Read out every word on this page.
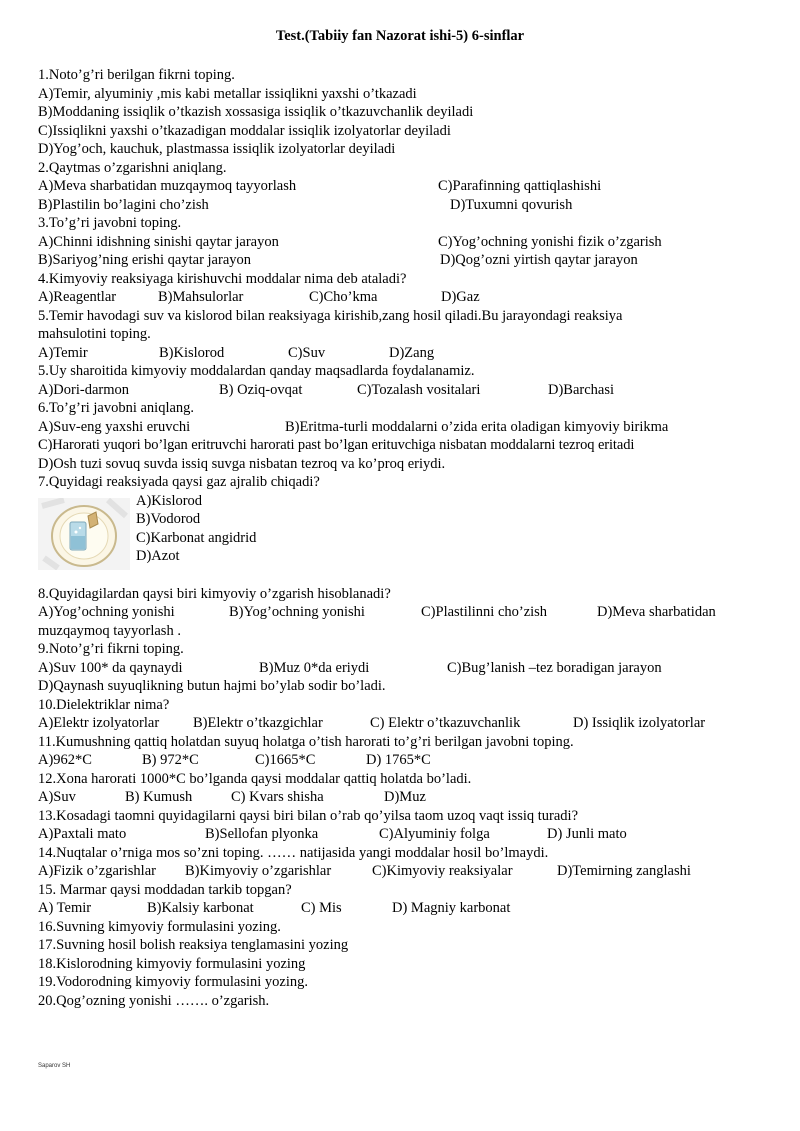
Test.(Tabiiy fan Nazorat ishi-5) 6-sinflar
1.Noto’g’ri berilgan fikrni toping.
A)Temir, alyuminiy ,mis kabi metallar issiqlikni yaxshi o’tkazadi
B)Moddaning issiqlik o’tkazish xossasiga issiqlik o’tkazuvchanlik deyiladi
C)Issiqlikni yaxshi o’tkazadigan moddalar issiqlik izolyatorlar deyiladi
D)Yog’och, kauchuk, plastmassa issiqlik izolyatorlar deyiladi
2.Qaytmas o’zgarishni aniqlang.
A)Meva sharbatidan muzqaymoq tayyorlash	C)Parafinning qattiqlashishi
B)Plastilin bo’lagini cho’zish	D)Tuxumni qovurish
3.To’g’ri javobni toping.
A)Chinni idishning sinishi qaytar jarayon	C)Yog’ochning yonishi fizik o’zgarish
B)Sariyog’ning erishi qaytar jarayon	D)Qog’ozni yirtish qaytar jarayon
4.Kimyoviy reaksiyaga kirishuvchi moddalar nima deb ataladi?
A)Reagentlar	B)Mahsulorlar	C)Cho’kma	D)Gaz
5.Temir havodagi suv va kislorod bilan reaksiyaga kirishib,zang hosil qiladi.Bu jarayondagi reaksiya
mahsulotini toping.
A)Temir	B)Kislorod	C)Suv	D)Zang
5.Uy sharoitida kimyoviy moddalardan qanday maqsadlarda foydalanamiz.
A)Dori-darmon	B) Oziq-ovqat	C)Tozalash vositalari	D)Barchasi
6.To’g’ri javobni aniqlang.
A)Suv-eng yaxshi eruvchi	B)Eritma-turli moddalarni o’zida erita oladigan kimyoviy birikma
C)Harorati yuqori bo’lgan eritruvchi harorati past bo’lgan erituvchiga nisbatan moddalarni tezroq eritadi
D)Osh tuzi sovuq suvda issiq suvga nisbatan tezroq va ko’proq eriydi.
7.Quyidagi reaksiyada qaysi gaz ajralib chiqadi?
A)Kislorod
B)Vodorod
C)Karbonat angidrid
D)Azot
8.Quyidagilardan qaysi biri kimyoviy o’zgarish hisoblanadi?
A)Yog’ochning yonishi	B)Yog’ochning yonishi	C)Plastilinni cho’zish	D)Meva sharbatidan
muzqaymoq tayyorlash .
9.Noto’g’ri fikrni toping.
A)Suv 100* da qaynaydi	B)Muz 0*da eriydi	C)Bug’lanish –tez boradigan jarayon
D)Qaynash suyuqlikning butun hajmi bo’ylab sodir bo’ladi.
10.Dielektriklar nima?
A)Elektr izolyatorlar B)Elektr o’tkazgichlar	C) Elektr o’tkazuvchanlik	D) Issiqlik izolyatorlar
11.Kumushning qattiq holatdan suyuq holatga o’tish harorati to’g’ri berilgan javobni toping.
A)962*C	B) 972*C	C)1665*C	D) 1765*C
12.Xona harorati 1000*C bo’lganda qaysi moddalar qattiq holatda bo’ladi.
A)Suv	B) Kumush	C) Kvars shisha	D)Muz
13.Kosadagi taomni quyidagilarni qaysi biri bilan o’rab qo’yilsa taom uzoq vaqt issiq turadi?
A)Paxtali mato	B)Sellofan plyonka	C)Alyuminiy folga	D) Junli mato
14.Nuqtalar o’rniga mos so’zni toping. …… natijasida yangi moddalar hosil bo’lmaydi.
A)Fizik o’zgarishlar B)Kimyoviy o’zgarishlar	C)Kimyoviy reaksiyalar	D)Temirning zanglashi
15. Marmar qaysi moddadan tarkib topgan?
A) Temir	B)Kalsiy karbonat	C) Mis	D) Magniy karbonat
16.Suvning kimyoviy formulasini yozing.
17.Suvning hosil bolish reaksiya tenglamasini yozing
18.Kislorodning kimyoviy formulasini yozing
19.Vodorodning kimyoviy formulasini yozing.
20.Qog’ozning yonishi ……. o’zgarish.
Saparov SH
